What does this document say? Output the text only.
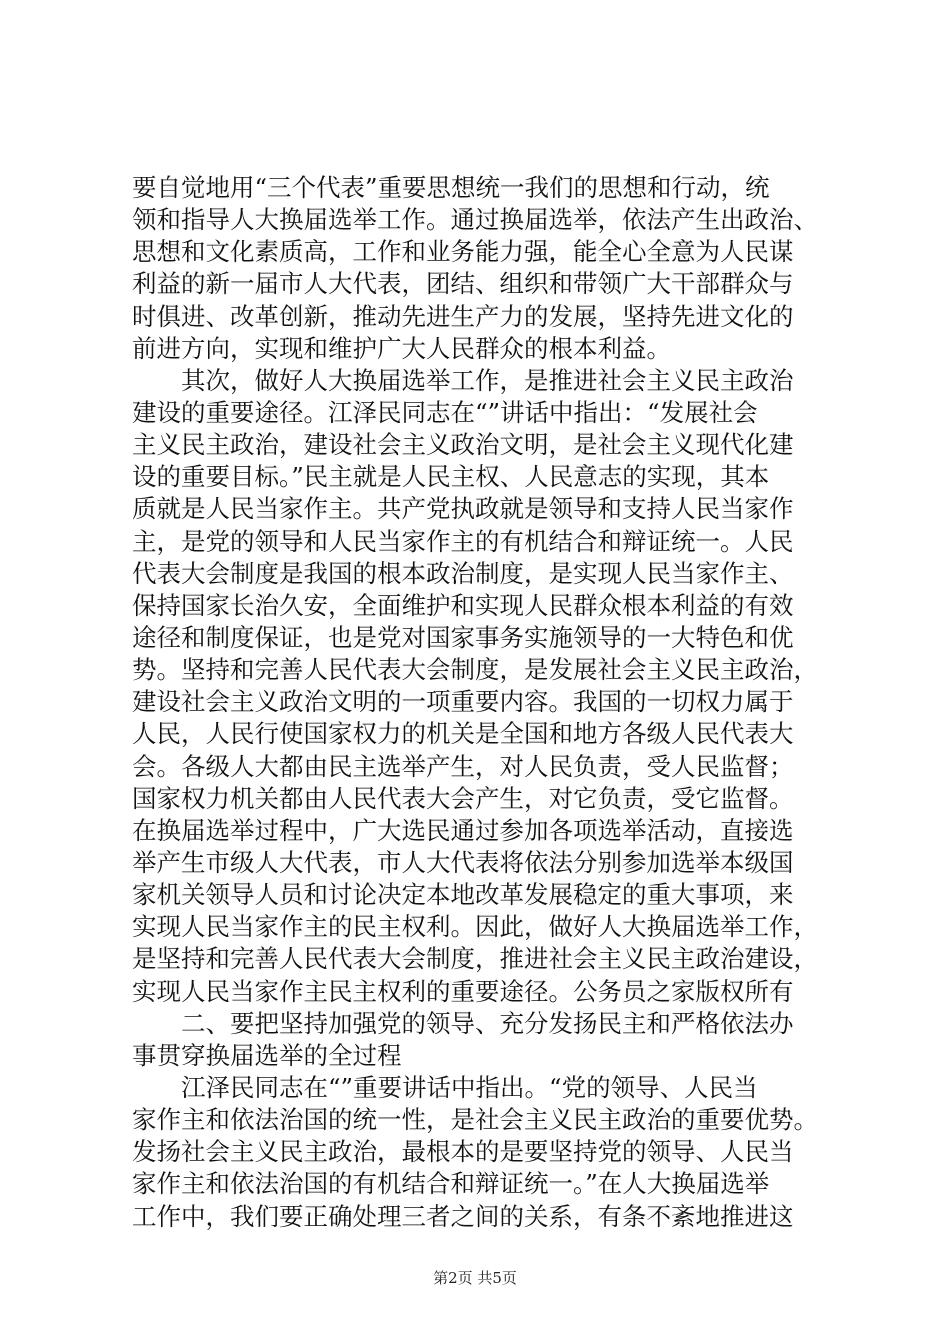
要自觉地用“三个代表”重要思想统一我们的思想和行动，统
领和指导人大换届选举工作。通过换届选举，依法产生出政治、
思想和文化素质高，工作和业务能力强，能全心全意为人民谋
利益的新一届市人大代表，团结、组织和带领广大干部群众与
时俱进、改革创新，推动先进生产力的发展，坚持先进文化的
前进方向，实现和维护广大人民群众的根本利益。
　　其次，做好人大换届选举工作，是推进社会主义民主政治
建设的重要途径。江泽民同志在“”讲话中指出：“发展社会
主义民主政治，建设社会主义政治文明，是社会主义现代化建
设的重要目标。”民主就是人民主权、人民意志的实现，其本
质就是人民当家作主。共产党执政就是领导和支持人民当家作
主，是党的领导和人民当家作主的有机结合和辩证统一。人民
代表大会制度是我国的根本政治制度，是实现人民当家作主、
保持国家长治久安，全面维护和实现人民群众根本利益的有效
途径和制度保证，也是党对国家事务实施领导的一大特色和优
势。坚持和完善人民代表大会制度，是发展社会主义民主政治，
建设社会主义政治文明的一项重要内容。我国的一切权力属于
人民，人民行使国家权力的机关是全国和地方各级人民代表大
会。各级人大都由民主选举产生，对人民负责，受人民监督；
国家权力机关都由人民代表大会产生，对它负责，受它监督。
在换届选举过程中，广大选民通过参加各项选举活动，直接选
举产生市级人大代表，市人大代表将依法分别参加选举本级国
家机关领导人员和讨论决定本地改革发展稳定的重大事项，来
实现人民当家作主的民主权利。因此，做好人大换届选举工作，
是坚持和完善人民代表大会制度，推进社会主义民主政治建设，
实现人民当家作主民主权利的重要途径。公务员之家版权所有
　　二、要把坚持加强党的领导、充分发扬民主和严格依法办
事贯穿换届选举的全过程
　　江泽民同志在“”重要讲话中指出。“党的领导、人民当
家作主和依法治国的统一性，是社会主义民主政治的重要优势。
发扬社会主义民主政治，最根本的是要坚持党的领导、人民当
家作主和依法治国的有机结合和辩证统一。”在人大换届选举
工作中，我们要正确处理三者之间的关系，有条不紊地推进这
第2页 共5页
